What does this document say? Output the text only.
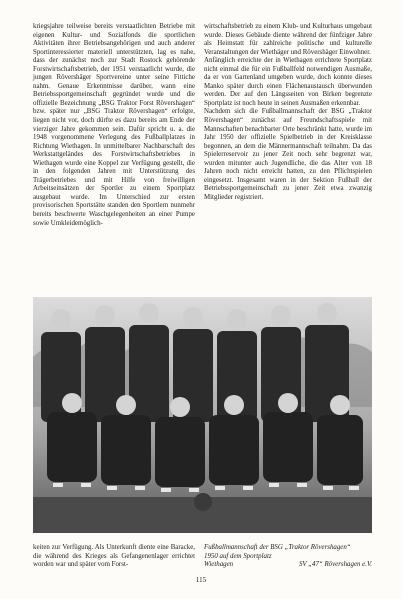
kriegsjahre teilweise bereits verstaatlichten Betriebe mit eigenen Kultur- und Sozialfonds die sportlichen Aktivitäten ihrer Betriebsangehörigen und auch anderer Sportinteressierter materiell unterstützten, lag es nahe, dass der zunächst noch zur Stadt Rostock gehörende Forstwirtschaftsbetrieb, der 1951 verstaatlicht wurde, die jungen Rövershäger Sportvereine unter seine Fittiche nahm. Genaue Erkenntnisse darüber, wann eine Betriebssportgemeinschaft gegründet wurde und die offizielle Bezeichnung „BSG Traktor Forst Rövershagen“ bzw. später nur „BSG Traktor Rövershagen“ erfolgte, liegen nicht vor, doch dürfte es dazu bereits am Ende der vierziger Jahre gekommen sein. Dafür spricht u. a. die 1948 vorgenommene Verlegung des Fußballplatzes in Richtung Wiethagen. In unmittelbarer Nachbarschaft des Werkstattgeländes des Forstwirtschaftsbetriebes in Wiethagen wurde eine Koppel zur Verfügung gestellt, die in den folgenden Jahren mit Unterstützung des Trägerbetriebes und mit Hilfe von freiwilligen Arbeitseinsätzen der Sportler zu einem Sportplatz ausgebaut wurde. Im Unterschied zur ersten provisorischen Sportstätte standen den Sportlern nunmehr bereits beschwerte Waschgelegenheiten an einer Pumpe sowie Umkleidemöglich-

wirtschaftsbetrieb zu einem Klub- und Kulturhaus umgebaut wurde. Dieses Gebäude diente während der fünfziger Jahre als Heimstatt für zahlreiche politische und kulturelle Veranstaltungen der Wiethäger und Rövershäger Einwohner.

Anfänglich erreichte der in Wiethagen errichtete Sportplatz nicht einmal die für ein Fußballfeld notwendigen Ausmaße, da er von Gartenland umgeben wurde, doch konnte dieses Manko später durch einen Flächenaustausch überwunden werden. Der auf den Längsseiten von Birken begrenzte Sportplatz ist noch heute in seinen Ausmaßen erkennbar.

Nachdem sich die Fußballmannschaft der BSG „Traktor Rövershagen“ zunächst auf Freundschaftsspiele mit Mannschaften benachbarter Orte beschränkt hatte, wurde im Jahr 1950 der offizielle Spielbetrieb in der Kreisklasse begonnen, an dem die Männermannschaft teilnahm. Da das Spielerreservoir zu jener Zeit noch sehr begrenzt war, wurden mitunter auch Jugendliche, die das Alter von 18 Jahren noch nicht erreicht hatten, zu den Pflichtspielen eingesetzt. Insgesamt waren in der Sektion Fußball der Betriebssportgemeinschaft zu jener Zeit etwa zwanzig Mitglieder registriert.

keiten zur Verfügung. Als Unterkunft diente eine Baracke, die während des Krieges als Gefangenenlager errichtet worden war und später vom Forst-

Fußballmannschaft der BSG „Traktor Rövershagen“
1950 auf dem Sportplatz
Wiethagen	SV „47“ Rövershagen e.V.
115
